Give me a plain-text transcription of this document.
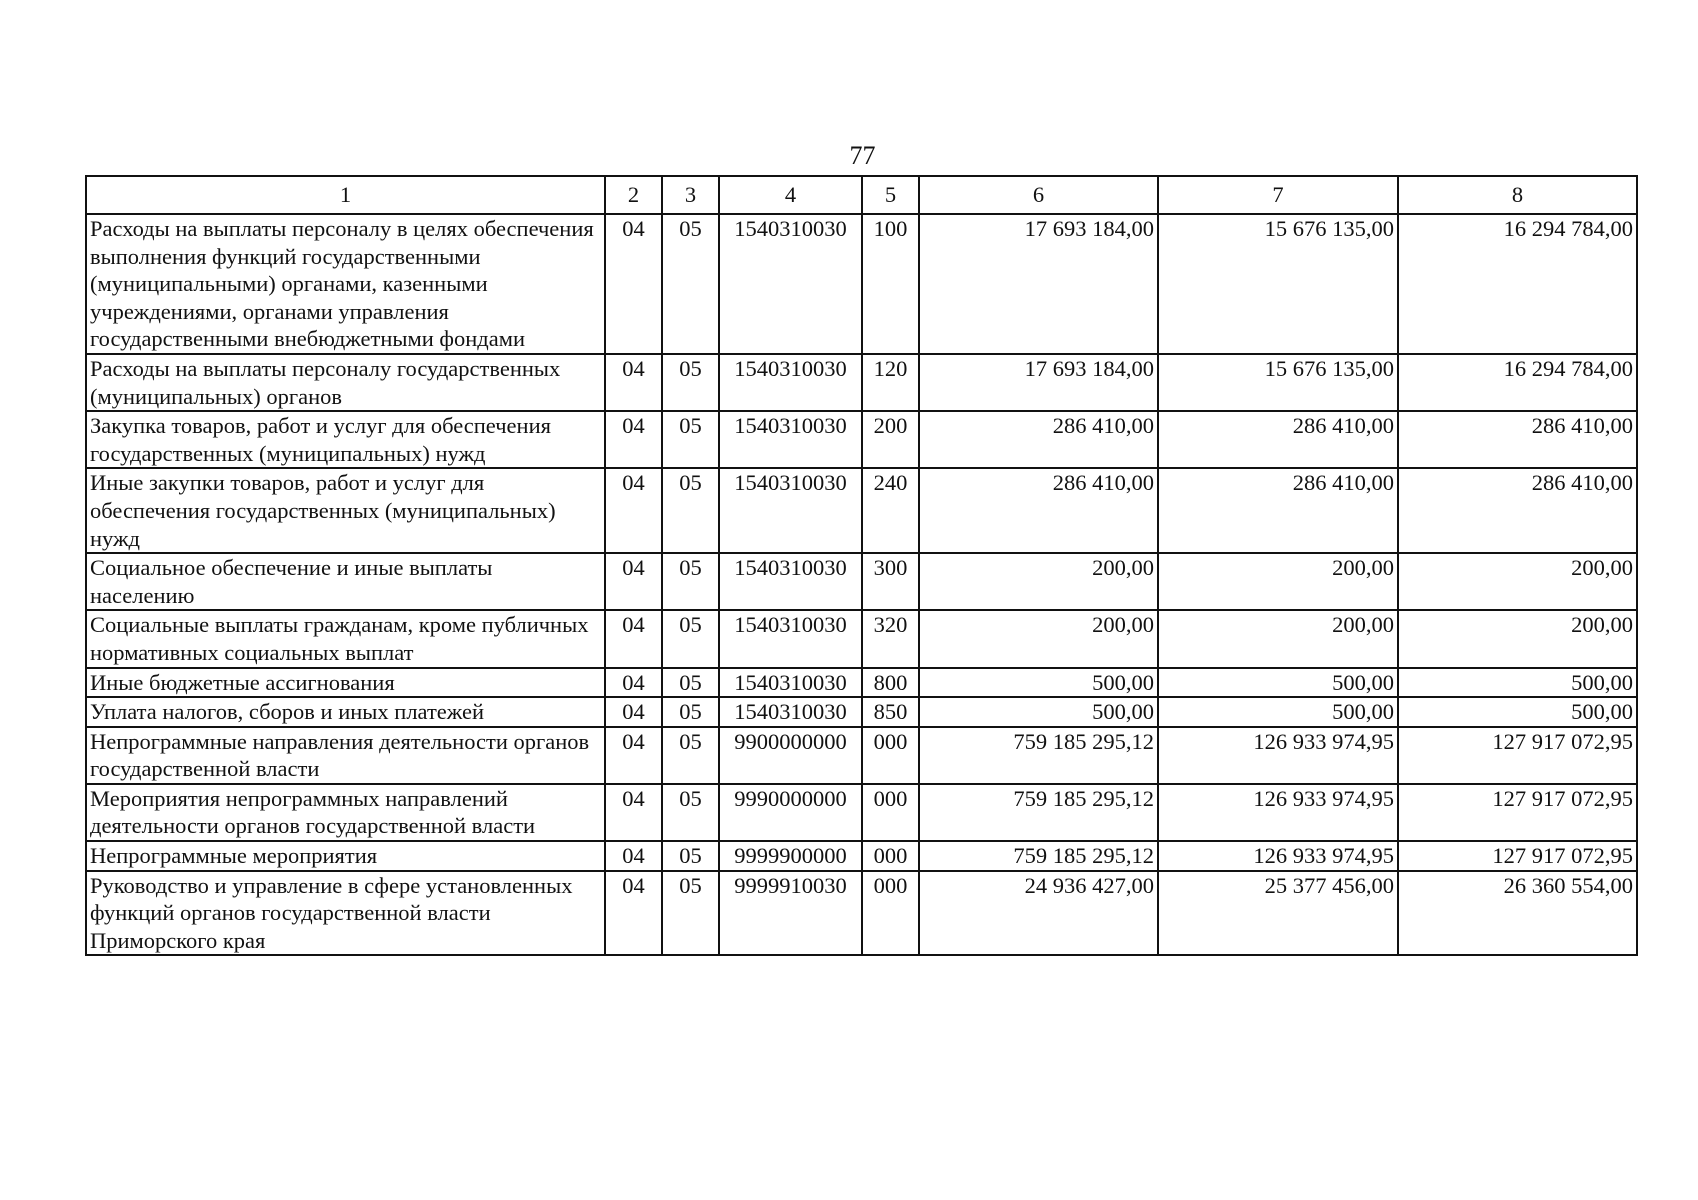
77
1	2	3	4	5	6	7	8
Расходы на выплаты персоналу в целях обеспечения выполнения функций государственными (муниципальными) органами, казенными учреждениями, органами управления государственными внебюджетными фондами	04	05	1540310030	100	17 693 184,00	15 676 135,00	16 294 784,00
Расходы на выплаты персоналу государственных (муниципальных) органов	04	05	1540310030	120	17 693 184,00	15 676 135,00	16 294 784,00
Закупка товаров, работ и услуг для обеспечения государственных (муниципальных) нужд	04	05	1540310030	200	286 410,00	286 410,00	286 410,00
Иные закупки товаров, работ и услуг для обеспечения государственных (муниципальных) нужд	04	05	1540310030	240	286 410,00	286 410,00	286 410,00
Социальное обеспечение и иные выплаты населению	04	05	1540310030	300	200,00	200,00	200,00
Социальные выплаты гражданам, кроме публичных нормативных социальных выплат	04	05	1540310030	320	200,00	200,00	200,00
Иные бюджетные ассигнования	04	05	1540310030	800	500,00	500,00	500,00
Уплата налогов, сборов и иных платежей	04	05	1540310030	850	500,00	500,00	500,00
Непрограммные направления деятельности органов государственной власти	04	05	9900000000	000	759 185 295,12	126 933 974,95	127 917 072,95
Мероприятия непрограммных направлений деятельности органов государственной власти	04	05	9990000000	000	759 185 295,12	126 933 974,95	127 917 072,95
Непрограммные мероприятия	04	05	9999900000	000	759 185 295,12	126 933 974,95	127 917 072,95
Руководство и управление в сфере установленных функций органов государственной власти Приморского края	04	05	9999910030	000	24 936 427,00	25 377 456,00	26 360 554,00
